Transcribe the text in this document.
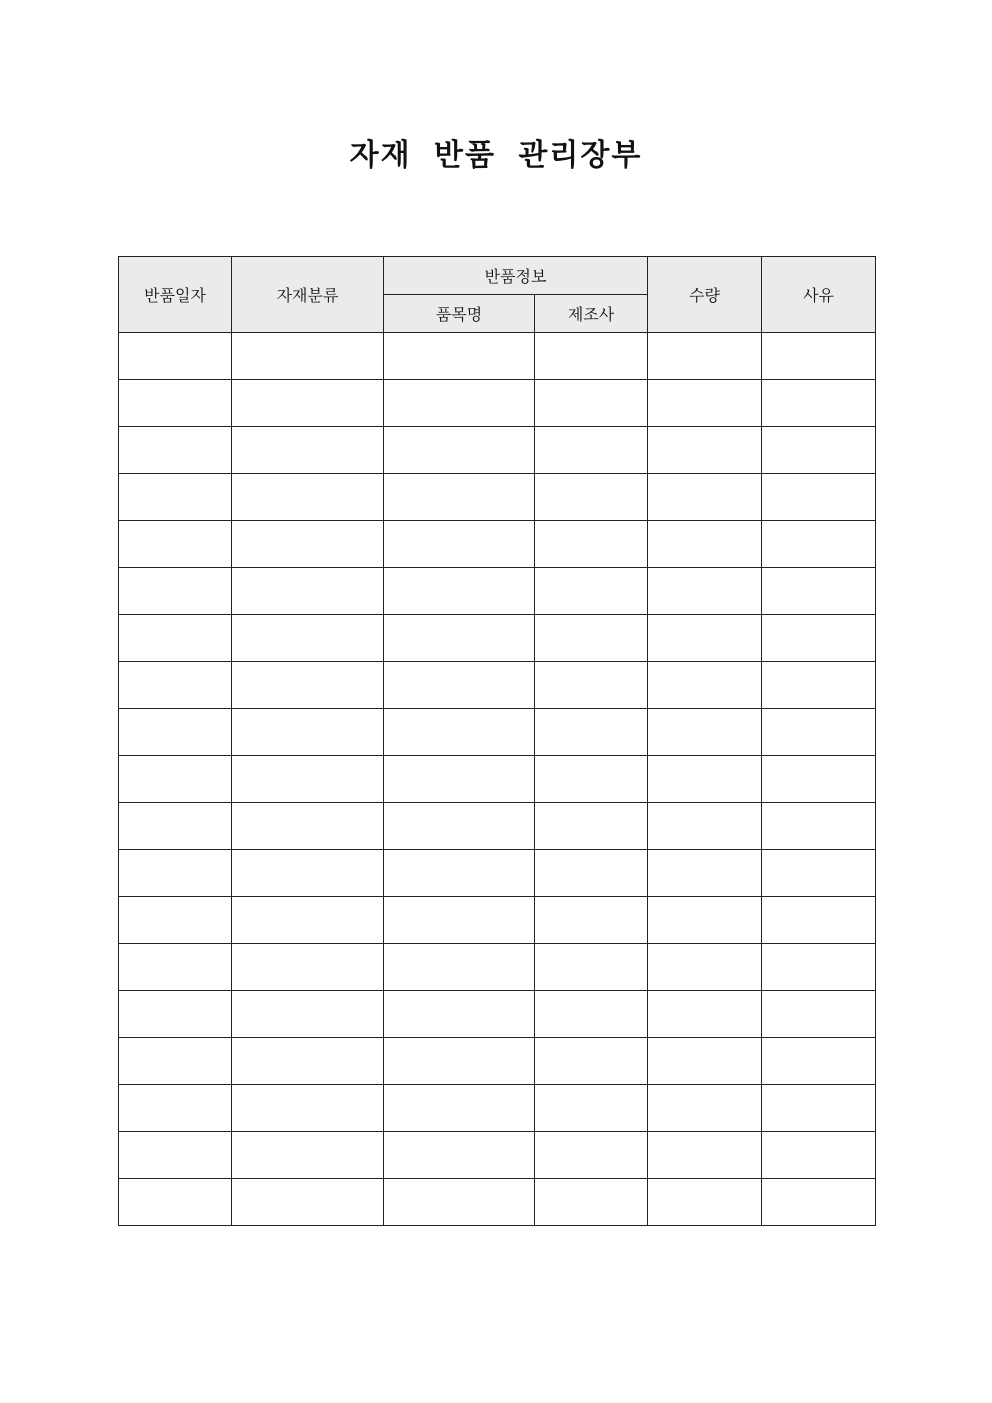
자재 반품 관리장부
반품일자	자재분류	반품정보		수량	사유
		품목명	제조사		
